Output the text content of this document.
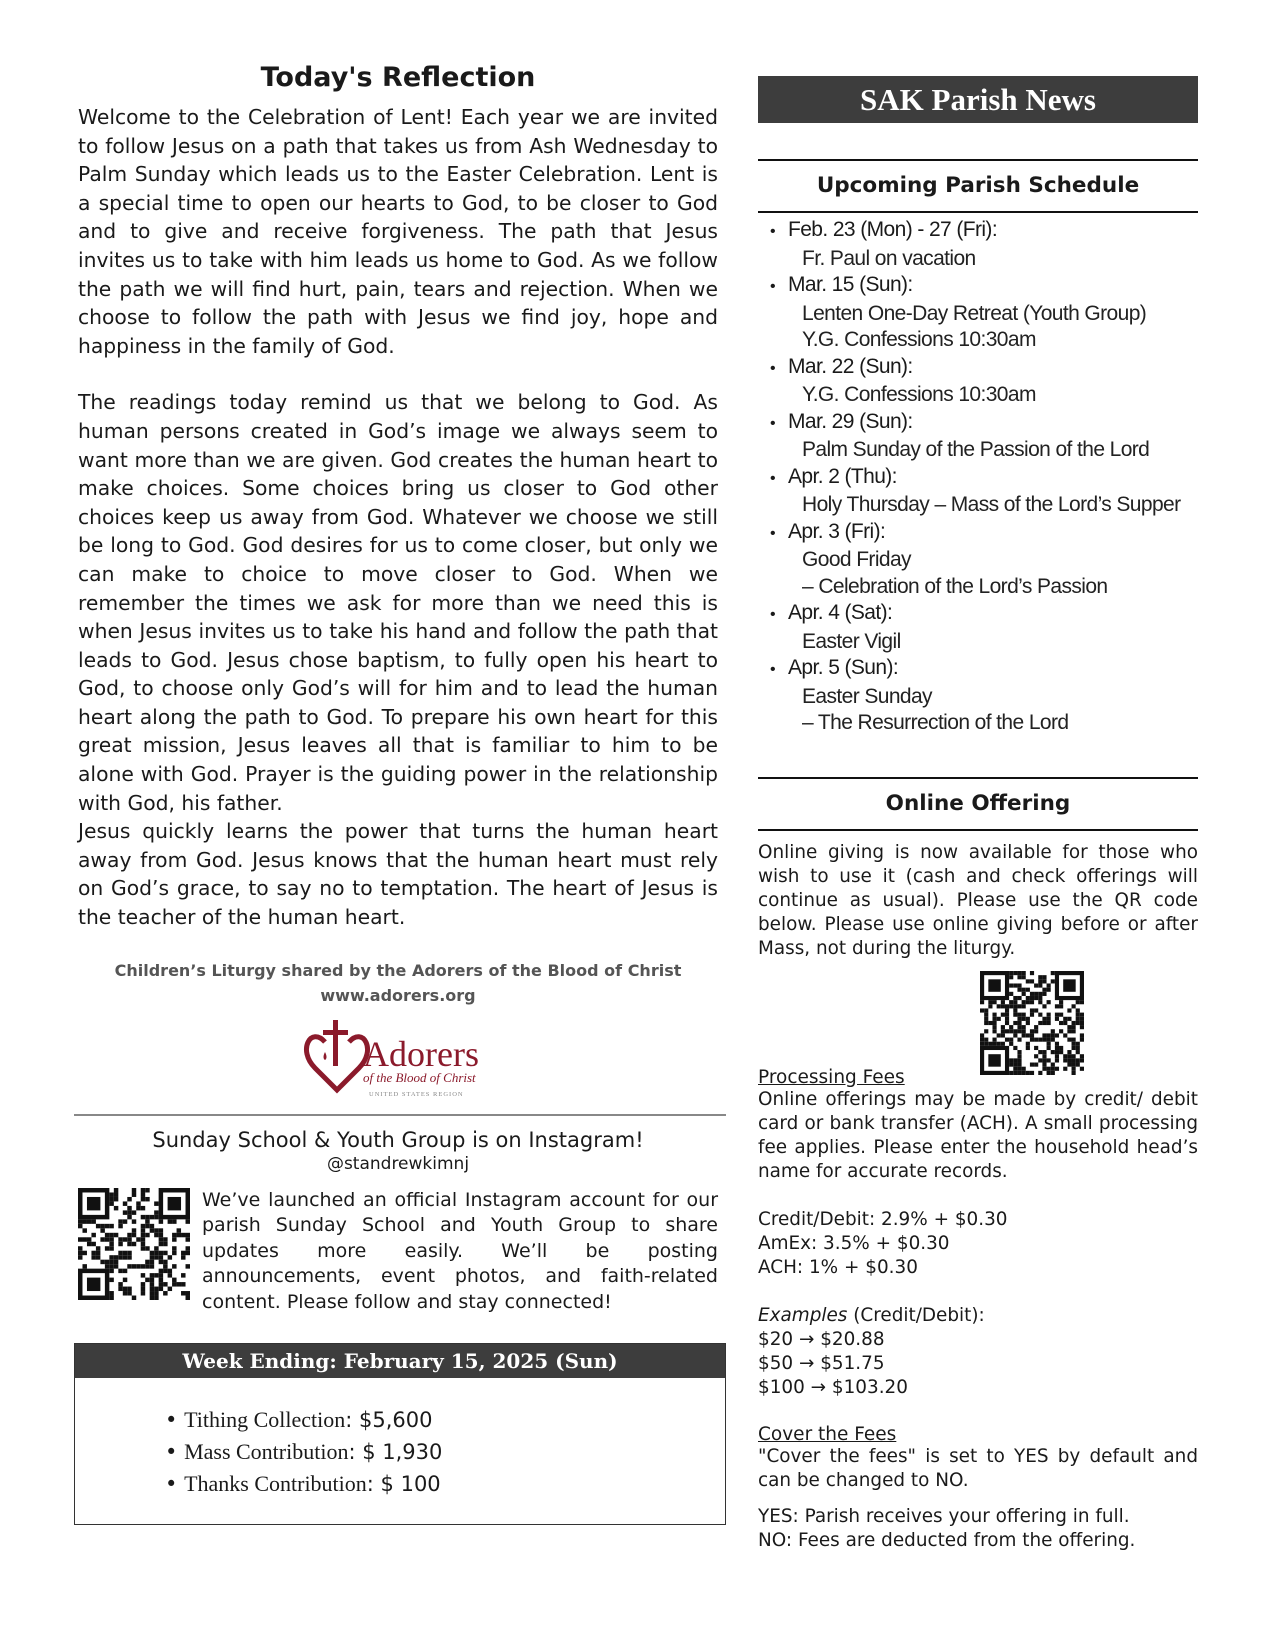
Today's Reflection

Welcome to the Celebration of Lent! Each year we are invited to follow Jesus on a path that takes us from Ash Wednesday to Palm Sunday which leads us to the Easter Celebration. Lent is a special time to open our hearts to God, to be closer to God and to give and receive forgiveness. The path that Jesus invites us to take with him leads us home to God. As we follow the path we will find hurt, pain, tears and rejection. When we choose to follow the path with Jesus we find joy, hope and happiness in the family of God.

The readings today remind us that we belong to God. As human persons created in God’s image we always seem to want more than we are given. God creates the human heart to make choices. Some choices bring us closer to God other choices keep us away from God. Whatever we choose we still be long to God. God desires for us to come closer, but only we can make to choice to move closer to God. When we remember the times we ask for more than we need this is when Jesus invites us to take his hand and follow the path that leads to God. Jesus chose baptism, to fully open his heart to God, to choose only God’s will for him and to lead the human heart along the path to God. To prepare his own heart for this great mission, Jesus leaves all that is familiar to him to be alone with God. Prayer is the guiding power in the relationship with God, his father.

Jesus quickly learns the power that turns the human heart away from God. Jesus knows that the human heart must rely on God’s grace, to say no to temptation. The heart of Jesus is the teacher of the human heart.

Children’s Liturgy shared by the Adorers of the Blood of Christ
www.adorers.org
Adorers
of the Blood of Christ
UNITED STATES REGION
Sunday School & Youth Group is on Instagram!
@standrewkimnj

We’ve launched an official Instagram account for our parish Sunday School and Youth Group to share updates more easily. We’ll be posting announcements, event photos, and faith-related content. Please follow and stay connected!

Week Ending: February 15, 2025 (Sun)
• Tithing Collection: $5,600
• Mass Contribution: $ 1,930
• Thanks Contribution: $ 100
SAK Parish News
Upcoming Parish Schedule
• Feb. 23 (Mon) - 27 (Fri):
Fr. Paul on vacation
• Mar. 15 (Sun):
Lenten One-Day Retreat (Youth Group)
Y.G. Confessions 10:30am
• Mar. 22 (Sun):
Y.G. Confessions 10:30am
• Mar. 29 (Sun):
Palm Sunday of the Passion of the Lord
• Apr. 2 (Thu):
Holy Thursday – Mass of the Lord’s Supper
• Apr. 3 (Fri):
Good Friday
– Celebration of the Lord’s Passion
• Apr. 4 (Sat):
Easter Vigil
• Apr. 5 (Sun):
Easter Sunday
– The Resurrection of the Lord
Online Offering

Online giving is now available for those who wish to use it (cash and check offerings will continue as usual). Please use the QR code below. Please use online giving before or after Mass, not during the liturgy.

Processing Fees

Online offerings may be made by credit/ debit card or bank transfer (ACH). A small processing fee applies. Please enter the household head’s name for accurate records.

Credit/Debit: 2.9% + $0.30
AmEx: 3.5% + $0.30
ACH: 1% + $0.30
Examples (Credit/Debit):
$20 → $20.88
$50 → $51.75
$100 → $103.20
Cover the Fees

"Cover the fees" is set to YES by default and can be changed to NO.

YES: Parish receives your offering in full.

NO: Fees are deducted from the offering.
